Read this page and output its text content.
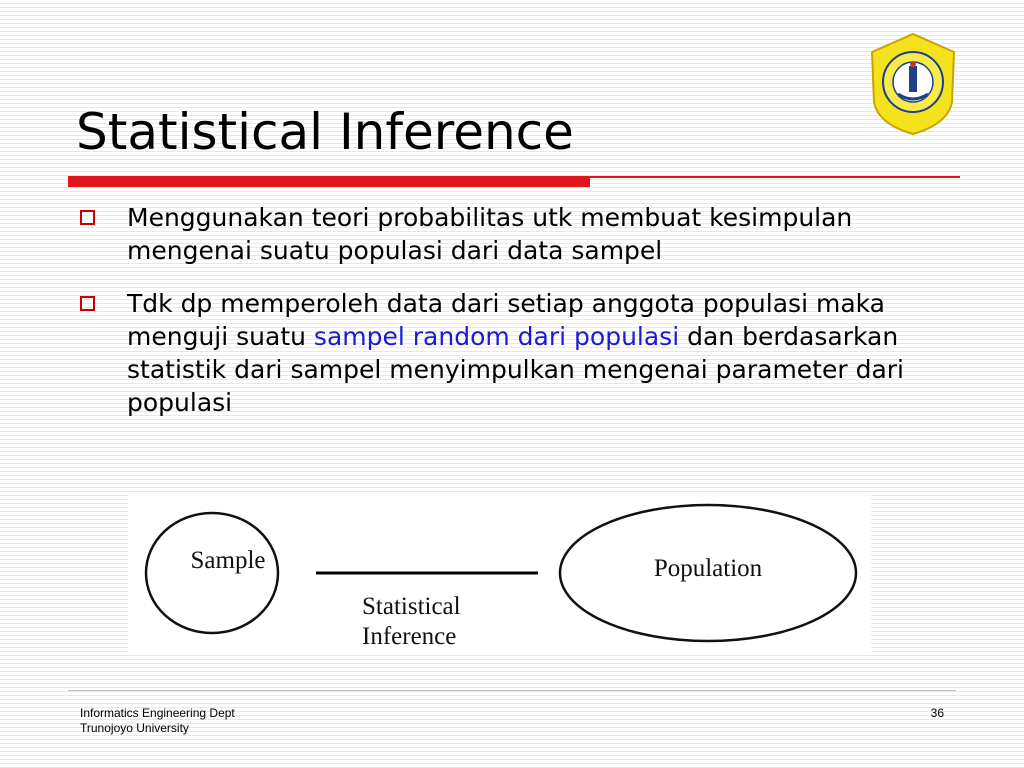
Statistical Inference
Menggunakan teori probabilitas utk membuat kesimpulan mengenai suatu populasi dari data sampel
Tdk dp memperoleh data dari setiap anggota populasi maka menguji suatu sampel random dari populasi dan berdasarkan statistik dari sampel menyimpulkan mengenai parameter dari populasi
Sample
Statistical
Inference
Population
Informatics Engineering Dept
Trunojoyo University
36
